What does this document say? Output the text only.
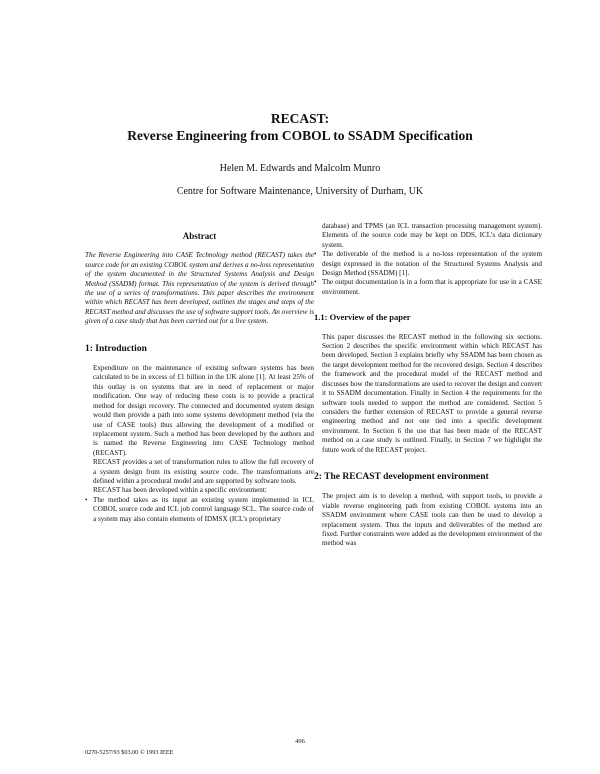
RECAST:

Reverse Engineering from COBOL to SSADM Specification

Helen M. Edwards and Malcolm Munro
Centre for Software Maintenance, University of Durham, UK
Abstract

The Reverse Engineering into CASE Technology method (RECAST) takes the source code for an existing COBOL system and derives a no-loss representation of the system documented in the Structured Systems Analysis and Design Method (SSADM) format. This representation of the system is derived through the use of a series of transformations. This paper describes the environment within which RECAST has been developed, outlines the stages and steps of the RECAST method and discusses the use of software support tools. An overview is given of a case study that has been carried out for a live system.

1: Introduction

Expenditure on the maintenance of existing software systems has been calculated to be in excess of £1 billion in the UK alone [1]. At least 25% of this outlay is on systems that are in need of replacement or major modification. One way of reducing these costs is to provide a practical method for design recovery. The connected and documented system design would then provide a path into some systems development method (via the use of CASE tools) thus allowing the development of a modified or replacement system. Such a method has been developed by the authors and is named the Reverse Engineering into CASE Technology method (RECAST).

RECAST provides a set of transformation rules to allow the full recovery of a system design from its existing source code. The transformations are defined within a procedural model and are supported by software tools.

RECAST has been developed within a specific environment:

• The method takes as its input an existing system implemented in ICL COBOL source code and ICL job control language SCL. The source code of a system may also contain elements of IDMSX (ICL's proprietary

database) and TPMS (an ICL transaction processing management system). Elements of the source code may be kept on DDS, ICL's data dictionary system.

• The deliverable of the method is a no-loss representation of the system design expressed in the notation of the Structured Systems Analysis and Design Method (SSADM) [1].
• The output documentation is in a form that is appropriate for use in a CASE environment.
1.1: Overview of the paper

This paper discusses the RECAST method in the following six sections. Section 2 describes the specific environment within which RECAST has been developed. Section 3 explains briefly why SSADM has been chosen as the target development method for the recovered design. Section 4 describes the framework and the procedural model of the RECAST method and discusses how the transformations are used to recover the design and convert it to SSADM documentation. Finally in Section 4 the requirements for the software tools needed to support the method are considered. Section 5 considers the further extension of RECAST to provide a general reverse engineering method and not one tied into a specific development environment. In Section 6 the use that has been made of the RECAST method on a case study is outlined. Finally, in Section 7 we highlight the future work of the RECAST project.

2: The RECAST development environment

The project aim is to develop a method, with support tools, to provide a viable reverse engineering path from existing COBOL systems into an SSADM environment where CASE tools can then be used to develop a replacement system. Thus the inputs and deliverables of the method are fixed. Further constraints were added as the development environment of the method was

496
0270-5257/93 $03.00 © 1993 IEEE
